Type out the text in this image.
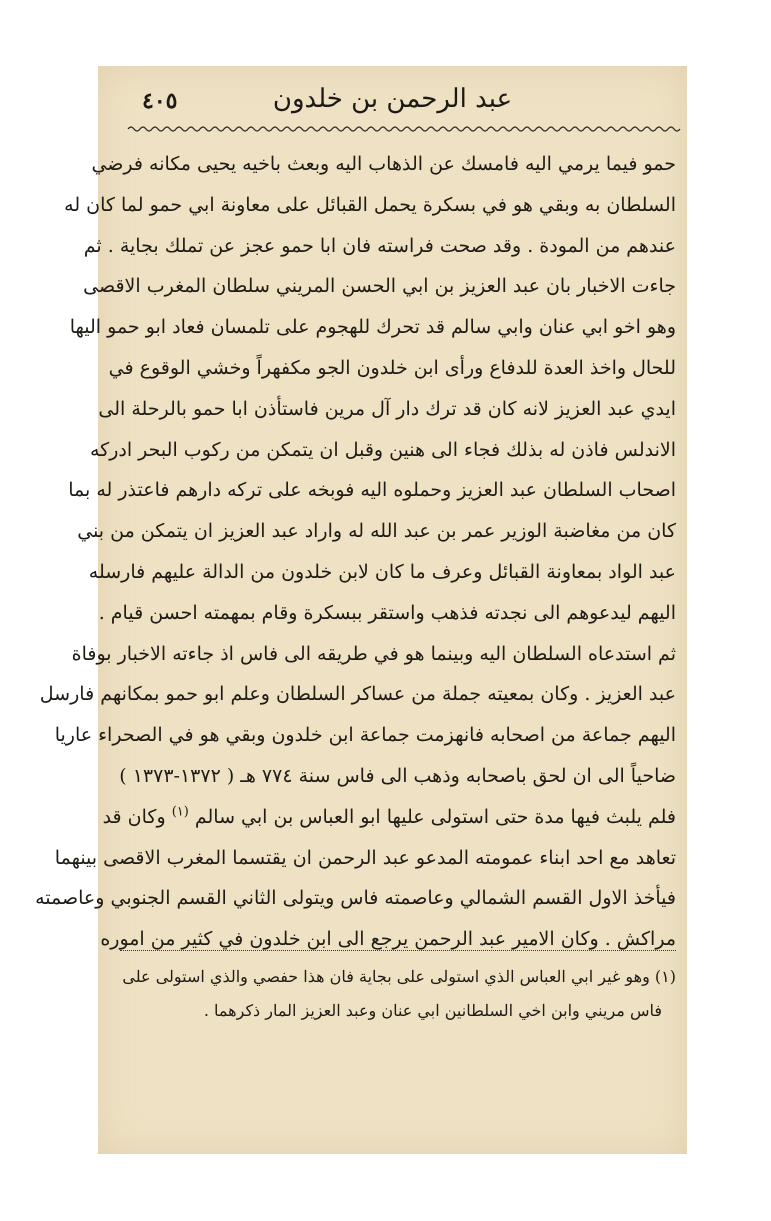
عبد الرحمن بن خلدون
٤٠٥
حمو فيما يرمي اليه فامسك عن الذهاب اليه وبعث باخيه يحيى مكانه فرضي
السلطان به وبقي هو في بسكرة يحمل القبائل على معاونة ابي حمو لما كان له
عندهم من المودة . وقد صحت فراسته فان ابا حمو عجز عن تملك بجاية . ثم
جاءت الاخبار بان عبد العزيز بن ابي الحسن المريني سلطان المغرب الاقصى
وهو اخو ابي عنان وابي سالم قد تحرك للهجوم على تلمسان فعاد ابو حمو اليها
للحال واخذ العدة للدفاع ورأى ابن خلدون الجو مكفهراً وخشي الوقوع في
ايدي عبد العزيز لانه كان قد ترك دار آل مرين فاستأذن ابا حمو بالرحلة الى
الاندلس فاذن له بذلك فجاء الى هنين وقبل ان يتمكن من ركوب البحر ادركه
اصحاب السلطان عبد العزيز وحملوه اليه فوبخه على تركه دارهم فاعتذر له بما
كان من مغاضبة الوزير عمر بن عبد الله له واراد عبد العزيز ان يتمكن من بني
عبد الواد بمعاونة القبائل وعرف ما كان لابن خلدون من الدالة عليهم فارسله
اليهم ليدعوهم الى نجدته فذهب واستقر ببسكرة وقام بمهمته احسن قيام .
ثم استدعاه السلطان اليه وبينما هو في طريقه الى فاس اذ جاءته الاخبار بوفاة
عبد العزيز . وكان بمعيته جملة من عساكر السلطان وعلم ابو حمو بمكانهم فارسل
اليهم جماعة من اصحابه فانهزمت جماعة ابن خلدون وبقي هو في الصحراء عاريا
ضاحياً الى ان لحق باصحابه وذهب الى فاس سنة ٧٧٤ هـ ( ١٣٧٢-١٣٧٣ )
فلم يلبث فيها مدة حتى استولى عليها ابو العباس بن ابي سالم $^{(١)}$ وكان قد
تعاهد مع احد ابناء عمومته المدعو عبد الرحمن ان يقتسما المغرب الاقصى بينهما
فيأخذ الاول القسم الشمالي وعاصمته فاس ويتولى الثاني القسم الجنوبي وعاصمته
مراكش . وكان الامير عبد الرحمن يرجع الى ابن خلدون في كثير من اموره
(١) وهو غير ابي العباس الذي استولى على بجاية فان هذا حفصي والذي استولى على
فاس مريني وابن اخي السلطانين ابي عنان وعبد العزيز المار ذكرهما .
